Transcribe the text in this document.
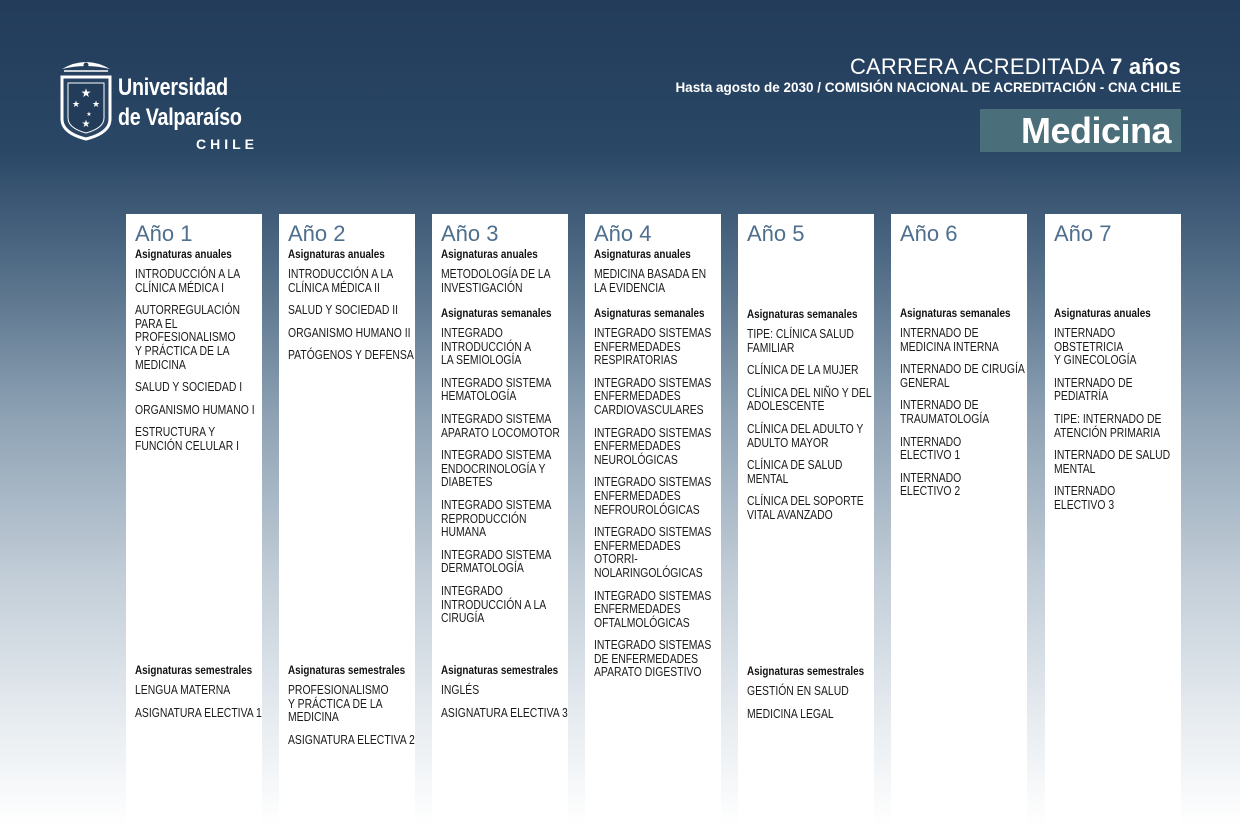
★
★ ★
★
★
Universidad
de Valparaíso
CHILE
CARRERA ACREDITADA 7 años
Hasta agosto de 2030 / COMISIÓN NACIONAL DE ACREDITACIÓN - CNA CHILE
Medicina
Año 1
Asignaturas anuales
INTRODUCCIÓN A LA
CLÍNICA MÉDICA I
AUTORREGULACIÓN
PARA EL
PROFESIONALISMO
Y PRÁCTICA DE LA
MEDICINA
SALUD Y SOCIEDAD I
ORGANISMO HUMANO I
ESTRUCTURA Y
FUNCIÓN CELULAR I
Asignaturas semestrales
LENGUA MATERNA
ASIGNATURA ELECTIVA 1
Año 2
Asignaturas anuales
INTRODUCCIÓN A LA
CLÍNICA MÉDICA II
SALUD Y SOCIEDAD II
ORGANISMO HUMANO II
PATÓGENOS Y DEFENSA
Asignaturas semestrales
PROFESIONALISMO
Y PRÁCTICA DE LA
MEDICINA
ASIGNATURA ELECTIVA 2
Año 3
Asignaturas anuales
METODOLOGÍA DE LA
INVESTIGACIÓN
Asignaturas semanales
INTEGRADO
INTRODUCCIÓN A
LA SEMIOLOGÍA
INTEGRADO SISTEMA
HEMATOLOGÍA
INTEGRADO SISTEMA
APARATO LOCOMOTOR
INTEGRADO SISTEMA
ENDOCRINOLOGÍA Y
DIABETES
INTEGRADO SISTEMA
REPRODUCCIÓN
HUMANA
INTEGRADO SISTEMA
DERMATOLOGÍA
INTEGRADO
INTRODUCCIÓN A LA
CIRUGÍA
Asignaturas semestrales
INGLÉS
ASIGNATURA ELECTIVA 3
Año 4
Asignaturas anuales
MEDICINA BASADA EN
LA EVIDENCIA
Asignaturas semanales
INTEGRADO SISTEMAS
ENFERMEDADES
RESPIRATORIAS
INTEGRADO SISTEMAS
ENFERMEDADES
CARDIOVASCULARES
INTEGRADO SISTEMAS
ENFERMEDADES
NEUROLÓGICAS
INTEGRADO SISTEMAS
ENFERMEDADES
NEFROUROLÓGICAS
INTEGRADO SISTEMAS
ENFERMEDADES OTORRI-
NOLARINGOLÓGICAS
INTEGRADO SISTEMAS
ENFERMEDADES
OFTALMOLÓGICAS
INTEGRADO SISTEMAS
DE ENFERMEDADES
APARATO DIGESTIVO
Año 5
Asignaturas semanales
TIPE: CLÍNICA SALUD
FAMILIAR
CLÍNICA DE LA MUJER
CLÍNICA DEL NIÑO Y DEL
ADOLESCENTE
CLÍNICA DEL ADULTO Y
ADULTO MAYOR
CLÍNICA DE SALUD
MENTAL
CLÍNICA DEL SOPORTE
VITAL AVANZADO
Asignaturas semestrales
GESTIÓN EN SALUD
MEDICINA LEGAL
Año 6
Asignaturas semanales
INTERNADO DE
MEDICINA INTERNA
INTERNADO DE CIRUGÍA
GENERAL
INTERNADO DE
TRAUMATOLOGÍA
INTERNADO
ELECTIVO 1
INTERNADO
ELECTIVO 2
Año 7
Asignaturas anuales
INTERNADO
OBSTETRICIA
Y GINECOLOGÍA
INTERNADO DE
PEDIATRÍA
TIPE: INTERNADO DE
ATENCIÓN PRIMARIA
INTERNADO DE SALUD
MENTAL
INTERNADO
ELECTIVO 3
